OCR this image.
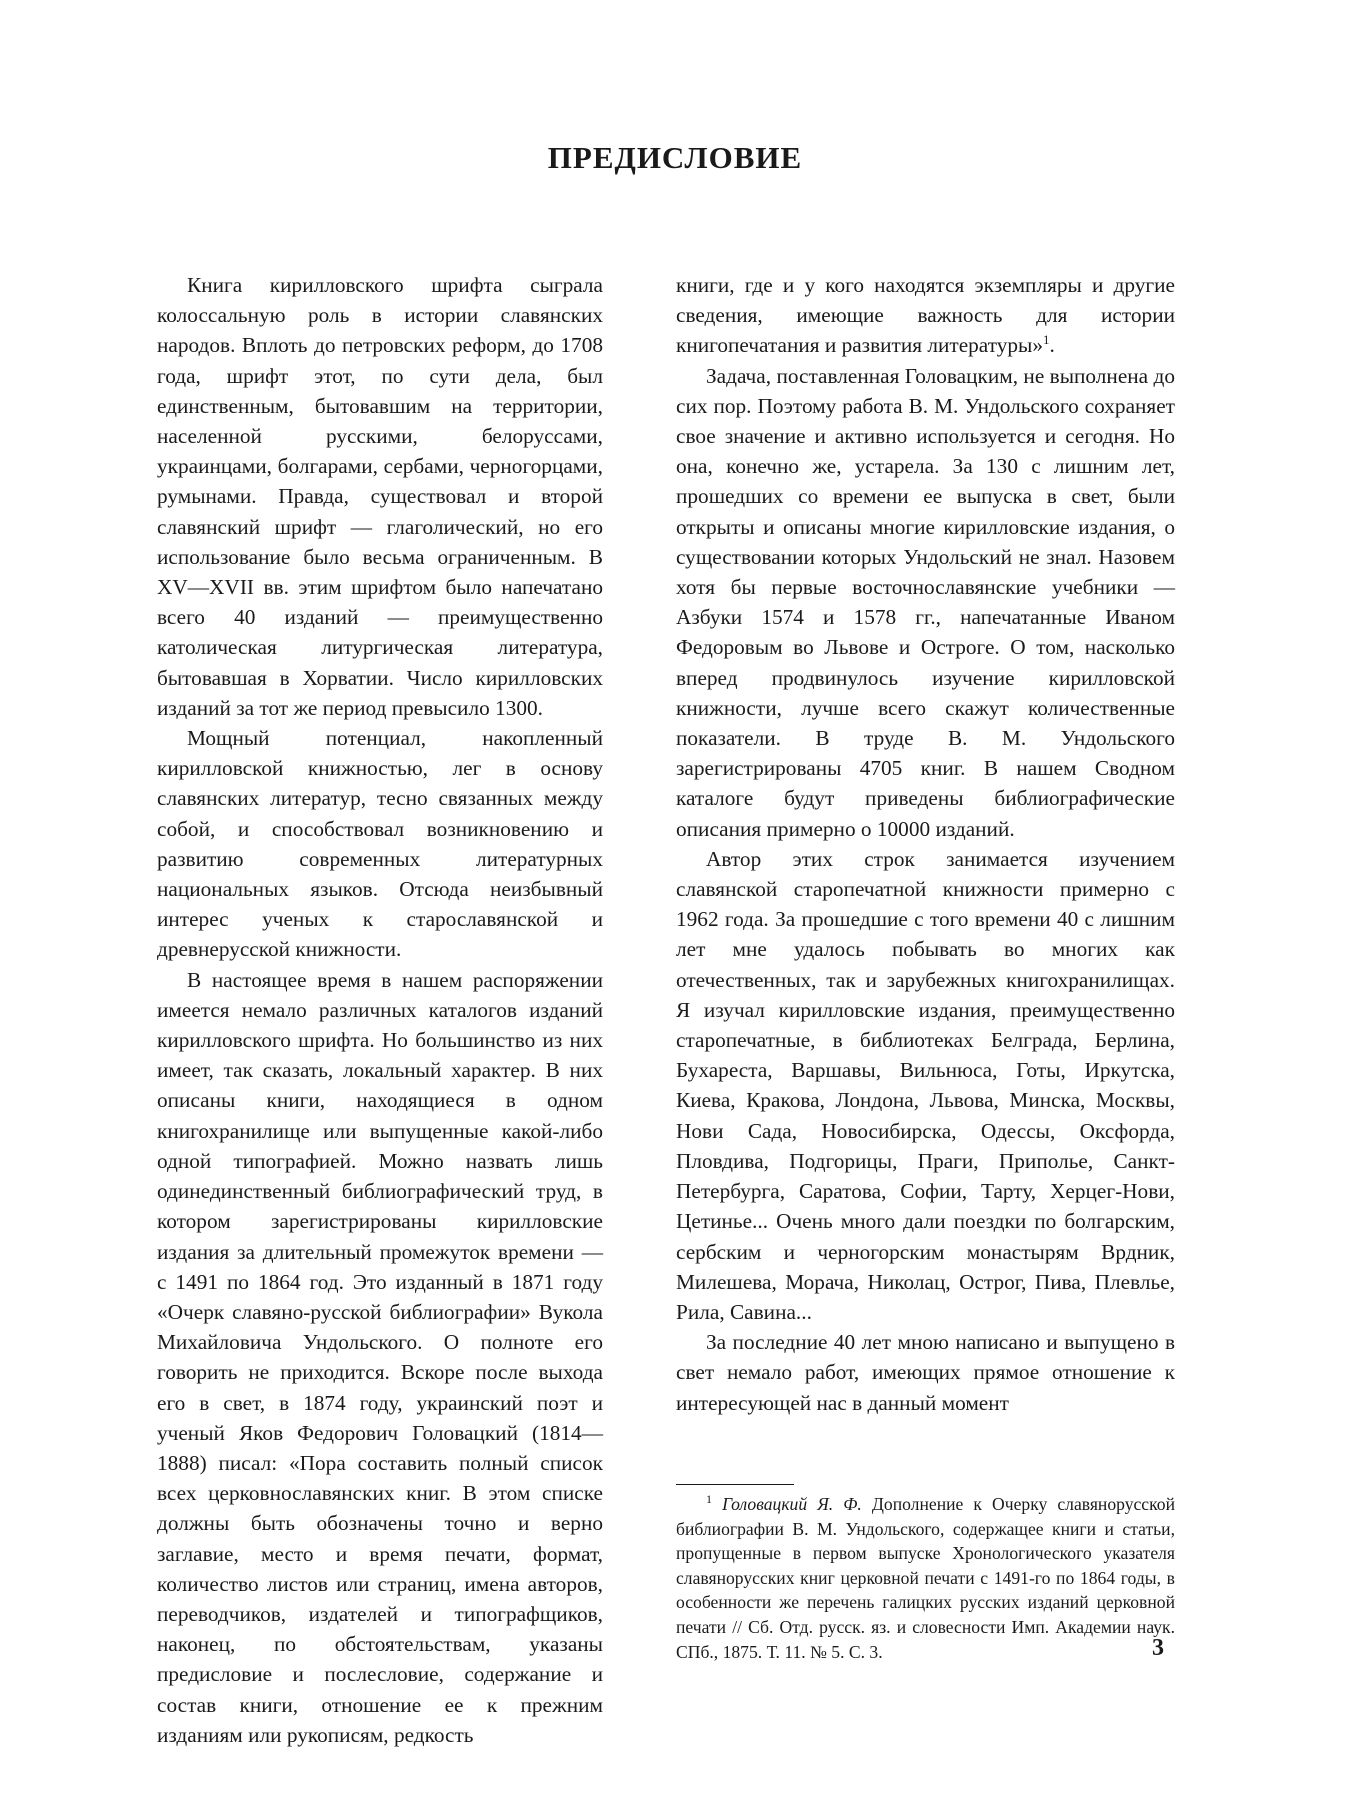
ПРЕДИСЛОВИЕ

Книга кирилловского шрифта сыграла колоссальную роль в истории славянских народов. Вплоть до петровских реформ, до 1708 года, шрифт этот, по сути дела, был единственным, бытовавшим на территории, населенной русскими, белоруссами, украинцами, болгарами, сербами, черногорцами, румынами. Правда, существовал и второй славянский шрифт — глаголический, но его использование было весьма ограниченным. В XV—XVII вв. этим шрифтом было напечатано всего 40 изданий — преимущественно католическая литургическая литература, бытовавшая в Хорватии. Число кирилловских изданий за тот же период превысило 1300.

Мощный потенциал, накопленный кирилловской книжностью, лег в основу славянских литератур, тесно связанных между собой, и способствовал возникновению и развитию современных литературных национальных языков. Отсюда неизбывный интерес ученых к старославянской и древнерусской книжности.

В настоящее время в нашем распоряжении имеется немало различных каталогов изданий кирилловского шрифта. Но большинство из них имеет, так сказать, локальный характер. В них описаны книги, находящиеся в одном книгохранилище или выпущенные какой-либо одной типографией. Можно назвать лишь одинединственный библиографический труд, в котором зарегистрированы кирилловские издания за длительный промежуток времени — с 1491 по 1864 год. Это изданный в 1871 году «Очерк славяно-русской библиографии» Вукола Михайловича Ундольского. О полноте его говорить не приходится. Вскоре после выхода его в свет, в 1874 году, украинский поэт и ученый Яков Федорович Головацкий (1814—1888) писал: «Пора составить полный список всех церковнославянских книг. В этом списке должны быть обозначены точно и верно заглавие, место и время печати, формат, количество листов или страниц, имена авторов, переводчиков, издателей и типографщиков, наконец, по обстоятельствам, указаны предисловие и послесловие, содержание и состав книги, отношение ее к прежним изданиям или рукописям, редкость

книги, где и у кого находятся экземпляры и другие сведения, имеющие важность для истории книгопечатания и развития литературы»$^1$.

Задача, поставленная Головацким, не выполнена до сих пор. Поэтому работа В. М. Ундольского сохраняет свое значение и активно используется и сегодня. Но она, конечно же, устарела. За 130 с лишним лет, прошедших со времени ее выпуска в свет, были открыты и описаны многие кирилловские издания, о существовании которых Ундольский не знал. Назовем хотя бы первые восточнославянские учебники — Азбуки 1574 и 1578 гг., напечатанные Иваном Федоровым во Львове и Остроге. О том, насколько вперед продвинулось изучение кирилловской книжности, лучше всего скажут количественные показатели. В труде В. М. Ундольского зарегистрированы 4705 книг. В нашем Сводном каталоге будут приведены библиографические описания примерно о 10000 изданий.

Автор этих строк занимается изучением славянской старопечатной книжности примерно с 1962 года. За прошедшие с того времени 40 с лишним лет мне удалось побывать во многих как отечественных, так и зарубежных книгохранилищах. Я изучал кирилловские издания, преимущественно старопечатные, в библиотеках Белграда, Берлина, Бухареста, Варшавы, Вильнюса, Готы, Иркутска, Киева, Кракова, Лондона, Львова, Минска, Москвы, Нови Сада, Новосибирска, Одессы, Оксфорда, Пловдива, Подгорицы, Праги, Приполье, Санкт-Петербурга, Саратова, Софии, Тарту, Херцег-Нови, Цетинье... Очень много дали поездки по болгарским, сербским и черногорским монастырям Врдник, Милешева, Морача, Николац, Острог, Пива, Плевлье, Рила, Савина...

За последние 40 лет мною написано и выпущено в свет немало работ, имеющих прямое отношение к интересующей нас в данный момент

$^1$ Головацкий Я. Ф. Дополнение к Очерку славянорусской библиографии В. М. Ундольского, содержащее книги и статьи, пропущенные в первом выпуске Хронологического указателя славянорусских книг церковной печати с 1491-го по 1864 годы, в особенности же перечень галицких русских изданий церковной печати // Сб. Отд. русск. яз. и словесности Имп. Академии наук. СПб., 1875. Т. 11. № 5. С. 3.	3
